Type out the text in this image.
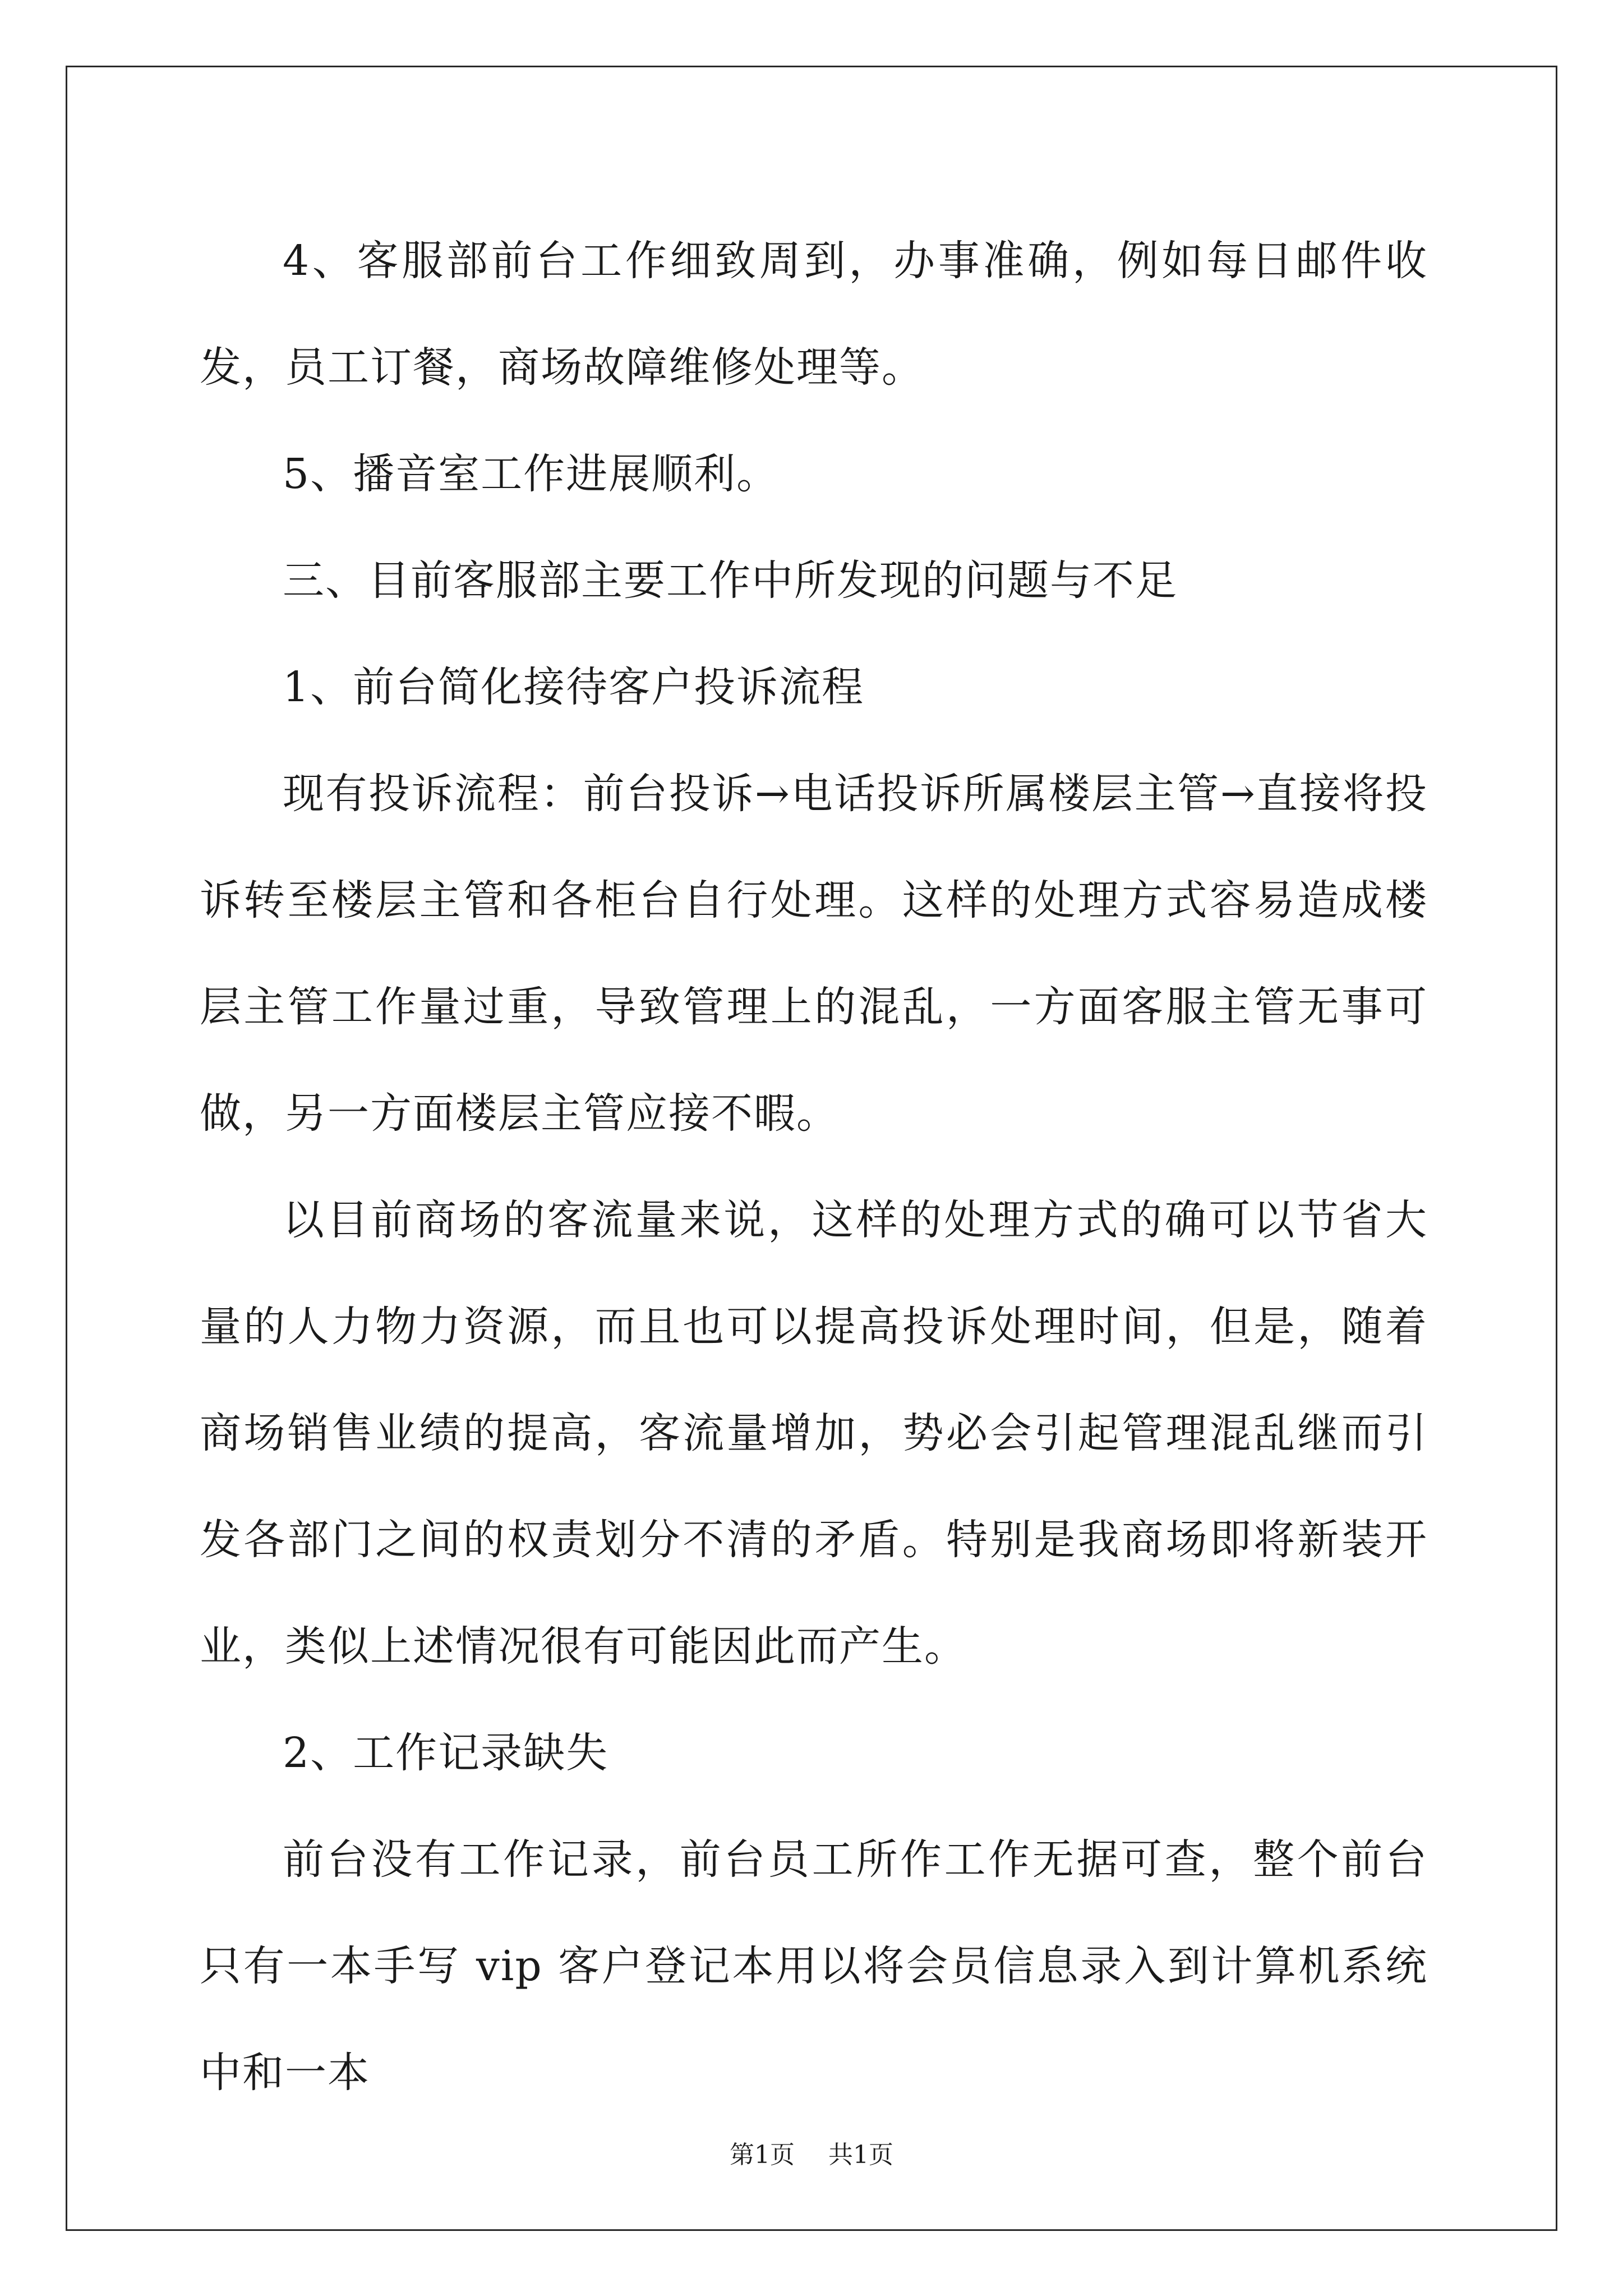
4、客服部前台工作细致周到，办事准确，例如每日邮件收发，员工订餐，商场故障维修处理等。

5、播音室工作进展顺利。

三、目前客服部主要工作中所发现的问题与不足

1、前台简化接待客户投诉流程

现有投诉流程：前台投诉→电话投诉所属楼层主管→直接将投诉转至楼层主管和各柜台自行处理。这样的处理方式容易造成楼层主管工作量过重，导致管理上的混乱，一方面客服主管无事可做，另一方面楼层主管应接不暇。

以目前商场的客流量来说，这样的处理方式的确可以节省大量的人力物力资源，而且也可以提高投诉处理时间，但是，随着商场销售业绩的提高，客流量增加，势必会引起管理混乱继而引发各部门之间的权责划分不清的矛盾。特别是我商场即将新装开业，类似上述情况很有可能因此而产生。

2、工作记录缺失

前台没有工作记录，前台员工所作工作无据可查，整个前台只有一本手写 vip 客户登记本用以将会员信息录入到计算机系统中和一本

第1页 共1页
